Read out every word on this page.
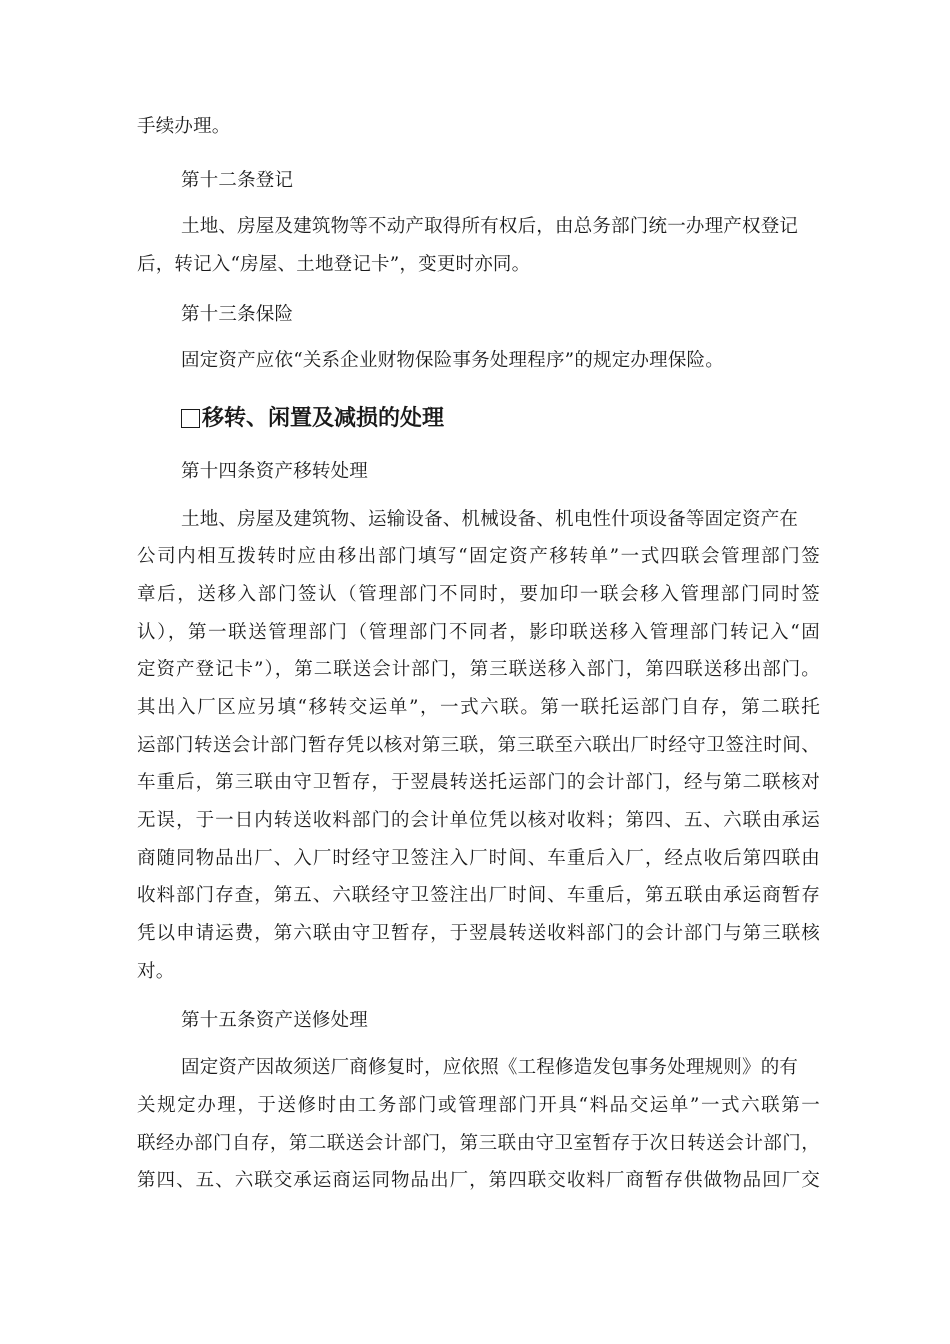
手续办理。
第十二条登记
土地、房屋及建筑物等不动产取得所有权后，由总务部门统一办理产权登记
后，转记入“房屋、土地登记卡”，变更时亦同。
第十三条保险
固定资产应依“关系企业财物保险事务处理程序”的规定办理保险。
移转、闲置及减损的处理
第十四条资产移转处理
土地、房屋及建筑物、运输设备、机械设备、机电性什项设备等固定资产在
公司内相互拨转时应由移出部门填写“固定资产移转单”一式四联会管理部门签
章后，送移入部门签认（管理部门不同时，要加印一联会移入管理部门同时签
认），第一联送管理部门（管理部门不同者，影印联送移入管理部门转记入“固
定资产登记卡”），第二联送会计部门，第三联送移入部门，第四联送移出部门。
其出入厂区应另填“移转交运单”，一式六联。第一联托运部门自存，第二联托
运部门转送会计部门暂存凭以核对第三联，第三联至六联出厂时经守卫签注时间、
车重后，第三联由守卫暂存，于翌晨转送托运部门的会计部门，经与第二联核对
无误，于一日内转送收料部门的会计单位凭以核对收料；第四、五、六联由承运
商随同物品出厂、入厂时经守卫签注入厂时间、车重后入厂，经点收后第四联由
收料部门存查，第五、六联经守卫签注出厂时间、车重后，第五联由承运商暂存
凭以申请运费，第六联由守卫暂存，于翌晨转送收料部门的会计部门与第三联核
对。
第十五条资产送修处理
固定资产因故须送厂商修复时，应依照《工程修造发包事务处理规则》的有
关规定办理，于送修时由工务部门或管理部门开具“料品交运单”一式六联第一
联经办部门自存，第二联送会计部门，第三联由守卫室暂存于次日转送会计部门，
第四、五、六联交承运商运同物品出厂，第四联交收料厂商暂存供做物品回厂交
